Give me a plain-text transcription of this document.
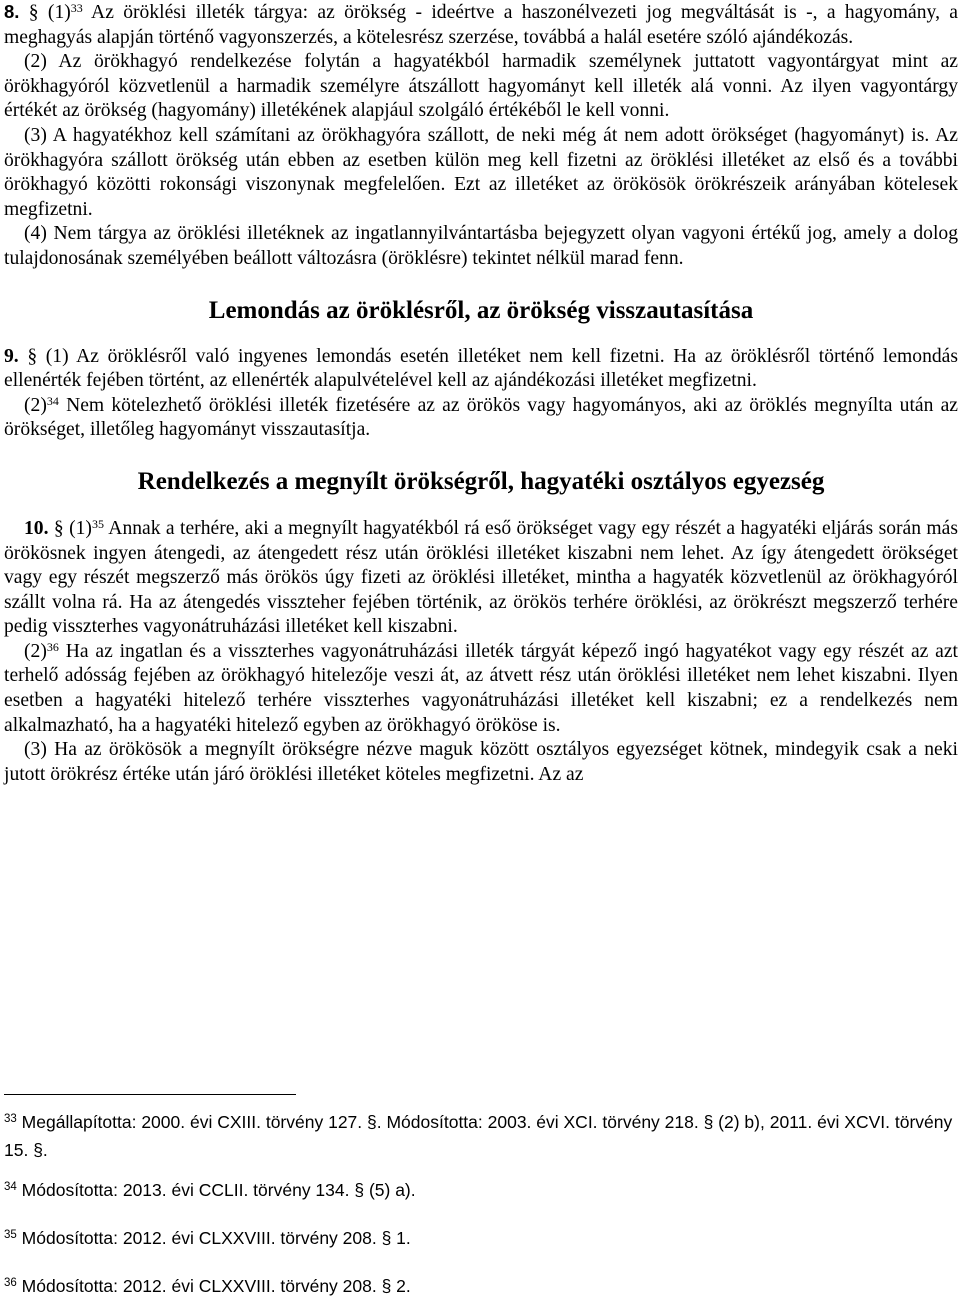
8. § $(1)^{33}$ Az öröklési illeték tárgya: az örökség - ideértve a haszonélvezeti jog megváltását is -, a hagyomány, a meghagyás alapján történő vagyonszerzés, a kötelesrész szerzése, továbbá a halál esetére szóló ajándékozás.

(2) Az örökhagyó rendelkezése folytán a hagyatékból harmadik személynek juttatott vagyontárgyat mint az örökhagyóról közvetlenül a harmadik személyre átszállott hagyományt kell illeték alá vonni. Az ilyen vagyontárgy értékét az örökség (hagyomány) illetékének alapjául szolgáló értékéből le kell vonni.

(3) A hagyatékhoz kell számítani az örökhagyóra szállott, de neki még át nem adott örökséget (hagyományt) is. Az örökhagyóra szállott örökség után ebben az esetben külön meg kell fizetni az öröklési illetéket az első és a további örökhagyó közötti rokonsági viszonynak megfelelően. Ezt az illetéket az örökösök örökrészeik arányában kötelesek megfizetni.

(4) Nem tárgya az öröklési illetéknek az ingatlannyilvántartásba bejegyzett olyan vagyoni értékű jog, amely a dolog tulajdonosának személyében beállott változásra (öröklésre) tekintet nélkül marad fenn.

Lemondás az öröklésről, az örökség visszautasítása

9. § (1) Az öröklésről való ingyenes lemondás esetén illetéket nem kell fizetni. Ha az öröklésről történő lemondás ellenérték fejében történt, az ellenérték alapulvételével kell az ajándékozási illetéket megfizetni.

$(2)^{34}$ Nem kötelezhető öröklési illeték fizetésére az az örökös vagy hagyományos, aki az öröklés megnyílta után az örökséget, illetőleg hagyományt visszautasítja.

Rendelkezés a megnyílt örökségről, hagyatéki osztályos egyezség

10. § $(1)^{35}$ Annak a terhére, aki a megnyílt hagyatékból rá eső örökséget vagy egy részét a hagyatéki eljárás során más örökösnek ingyen átengedi, az átengedett rész után öröklési illetéket kiszabni nem lehet. Az így átengedett örökséget vagy egy részét megszerző más örökös úgy fizeti az öröklési illetéket, mintha a hagyaték közvetlenül az örökhagyóról szállt volna rá. Ha az átengedés visszteher fejében történik, az örökös terhére öröklési, az örökrészt megszerző terhére pedig visszterhes vagyonátruházási illetéket kell kiszabni.

$(2)^{36}$ Ha az ingatlan és a visszterhes vagyonátruházási illeték tárgyát képező ingó hagyatékot vagy egy részét az azt terhelő adósság fejében az örökhagyó hitelezője veszi át, az átvett rész után öröklési illetéket nem lehet kiszabni. Ilyen esetben a hagyatéki hitelező terhére visszterhes vagyonátruházási illetéket kell kiszabni; ez a rendelkezés nem alkalmazható, ha a hagyatéki hitelező egyben az örökhagyó örököse is.

(3) Ha az örökösök a megnyílt örökségre nézve maguk között osztályos egyezséget kötnek, mindegyik csak a neki jutott örökrész értéke után járó öröklési illetéket köteles megfizetni. Az az

$^{33}$ Megállapította: 2000. évi CXIII. törvény 127. §. Módosította: 2003. évi XCI. törvény 218. § (2) b), 2011. évi XCVI. törvény 15. §.

$^{34}$ Módosította: 2013. évi CCLII. törvény 134. § (5) a).

$^{35}$ Módosította: 2012. évi CLXXVIII. törvény 208. § 1.

$^{36}$ Módosította: 2012. évi CLXXVIII. törvény 208. § 2.
